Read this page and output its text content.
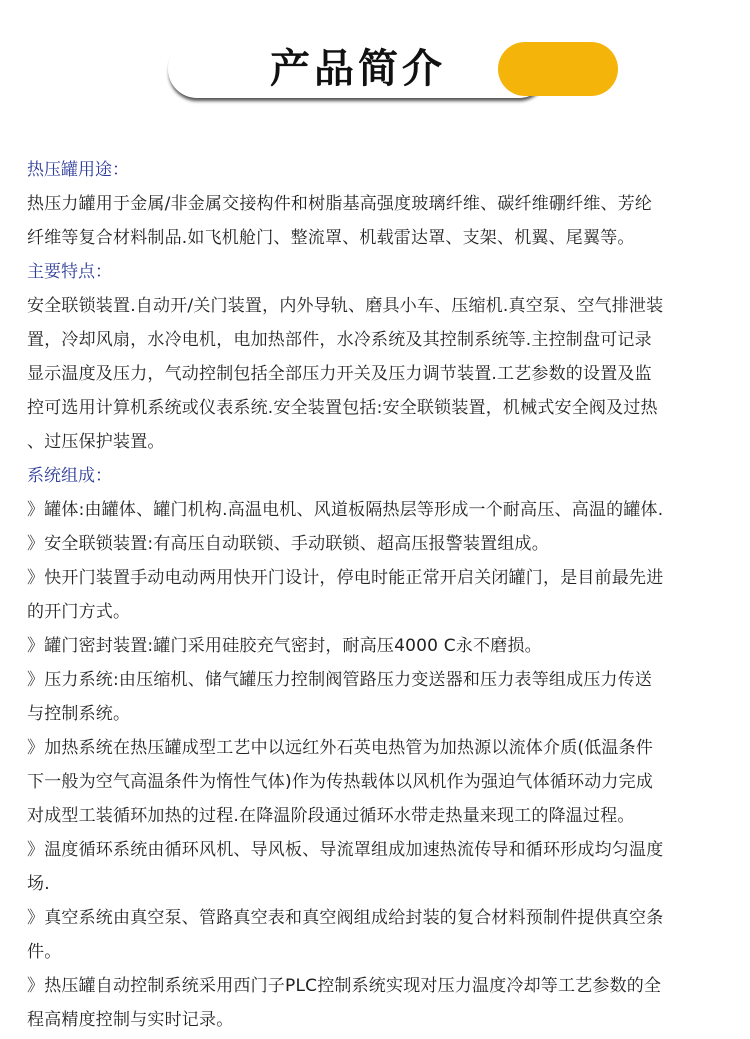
产品简介
热压罐用途：
热压力罐用于金属/非金属交接构件和树脂基高强度玻璃纤维、碳纤维硼纤维、芳纶
纤维等复合材料制品.如飞机舱门、整流罩、机载雷达罩、支架、机翼、尾翼等。
主要特点：
安全联锁装置.自动开/关门装置，内外导轨、磨具小车、压缩机.真空泵、空气排泄装
置，冷却风扇，水冷电机，电加热部件，水冷系统及其控制系统等.主控制盘可记录
显示温度及压力，气动控制包括全部压力开关及压力调节装置.工艺参数的设置及监
控可选用计算机系统或仪表系统.安全装置包括:安全联锁装置，机械式安全阀及过热
、过压保护装置。
系统组成：
》罐体:由罐体、罐门机构.高温电机、风道板隔热层等形成一个耐高压、高温的罐体.
》安全联锁装置:有高压自动联锁、手动联锁、超高压报警装置组成。
》快开门装置手动电动两用快开门设计，停电时能正常开启关闭罐门，是目前最先进
的开门方式。
》罐门密封装置:罐门采用硅胶充气密封，耐高压4000 C永不磨损。
》压力系统:由压缩机、储气罐压力控制阀管路压力变送器和压力表等组成压力传送
与控制系统。
》加热系统在热压罐成型工艺中以远红外石英电热管为加热源以流体介质(低温条件
下一般为空气高温条件为惰性气体)作为传热载体以风机作为强迫气体循环动力完成
对成型工装循环加热的过程.在降温阶段通过循环水带走热量来现工的降温过程。
》温度循环系统由循环风机、导风板、导流罩组成加速热流传导和循环形成均匀温度
场.
》真空系统由真空泵、管路真空表和真空阀组成给封装的复合材料预制件提供真空条
件。
》热压罐自动控制系统采用西门子PLC控制系统实现对压力温度冷却等工艺参数的全
程高精度控制与实时记录。
